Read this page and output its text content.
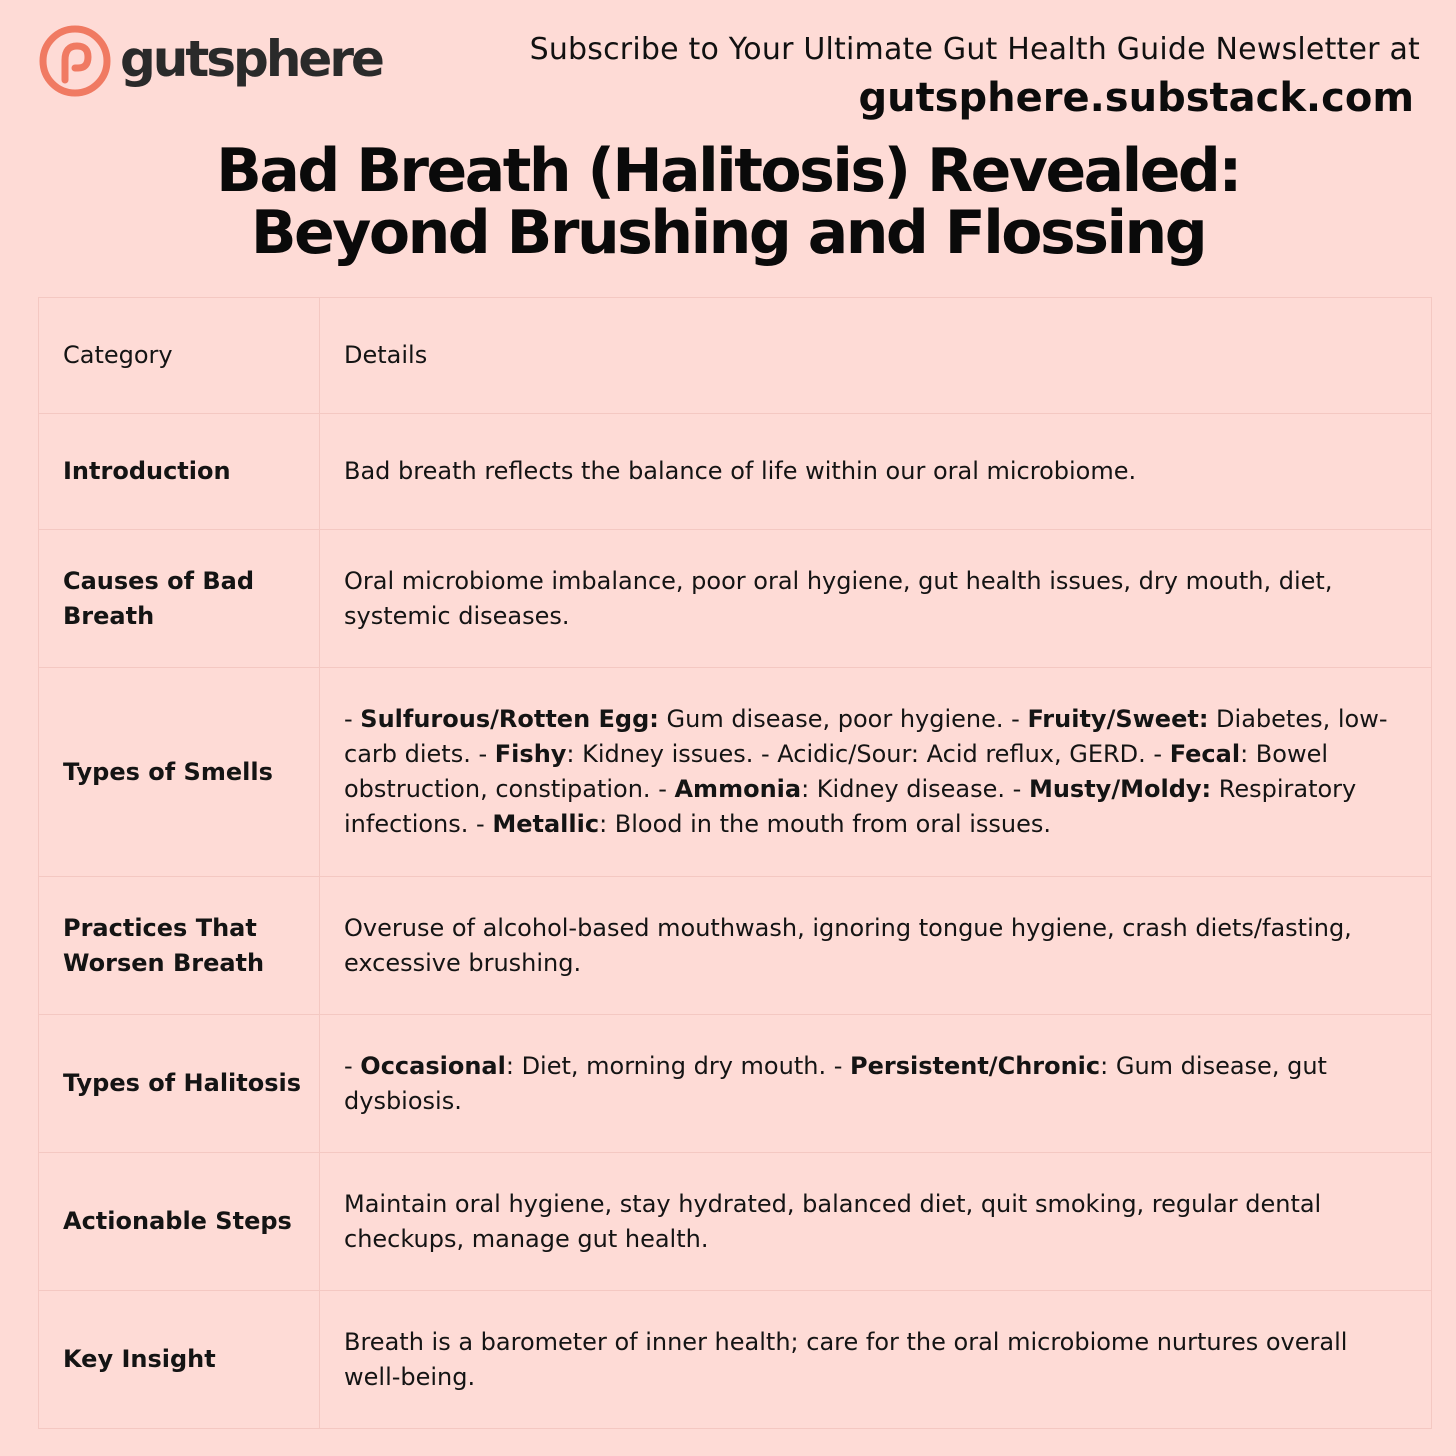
gutsphere	Subscribe to Your Ultimate Gut Health Guide Newsletter at
gutsphere.substack.com
Bad Breath (Halitosis) Revealed:
Beyond Brushing and Flossing
Category	Details
Introduction	Bad breath reflects the balance of life within our oral microbiome.
Causes of Bad Breath	Oral microbiome imbalance, poor oral hygiene, gut health issues, dry mouth, diet, systemic diseases.
Types of Smells	- Sulfurous/Rotten Egg: Gum disease, poor hygiene. - Fruity/Sweet: Diabetes, low-carb diets. - Fishy: Kidney issues. - Acidic/Sour: Acid reflux, GERD. - Fecal: Bowel obstruction, constipation. - Ammonia: Kidney disease. - Musty/Moldy: Respiratory infections. - Metallic: Blood in the mouth from oral issues.
Practices That Worsen Breath	Overuse of alcohol-based mouthwash, ignoring tongue hygiene, crash diets/fasting, excessive brushing.
Types of Halitosis	- Occasional: Diet, morning dry mouth. - Persistent/Chronic: Gum disease, gut dysbiosis.
Actionable Steps	Maintain oral hygiene, stay hydrated, balanced diet, quit smoking, regular dental checkups, manage gut health.
Key Insight	Breath is a barometer of inner health; care for the oral microbiome nurtures overall well-being.
